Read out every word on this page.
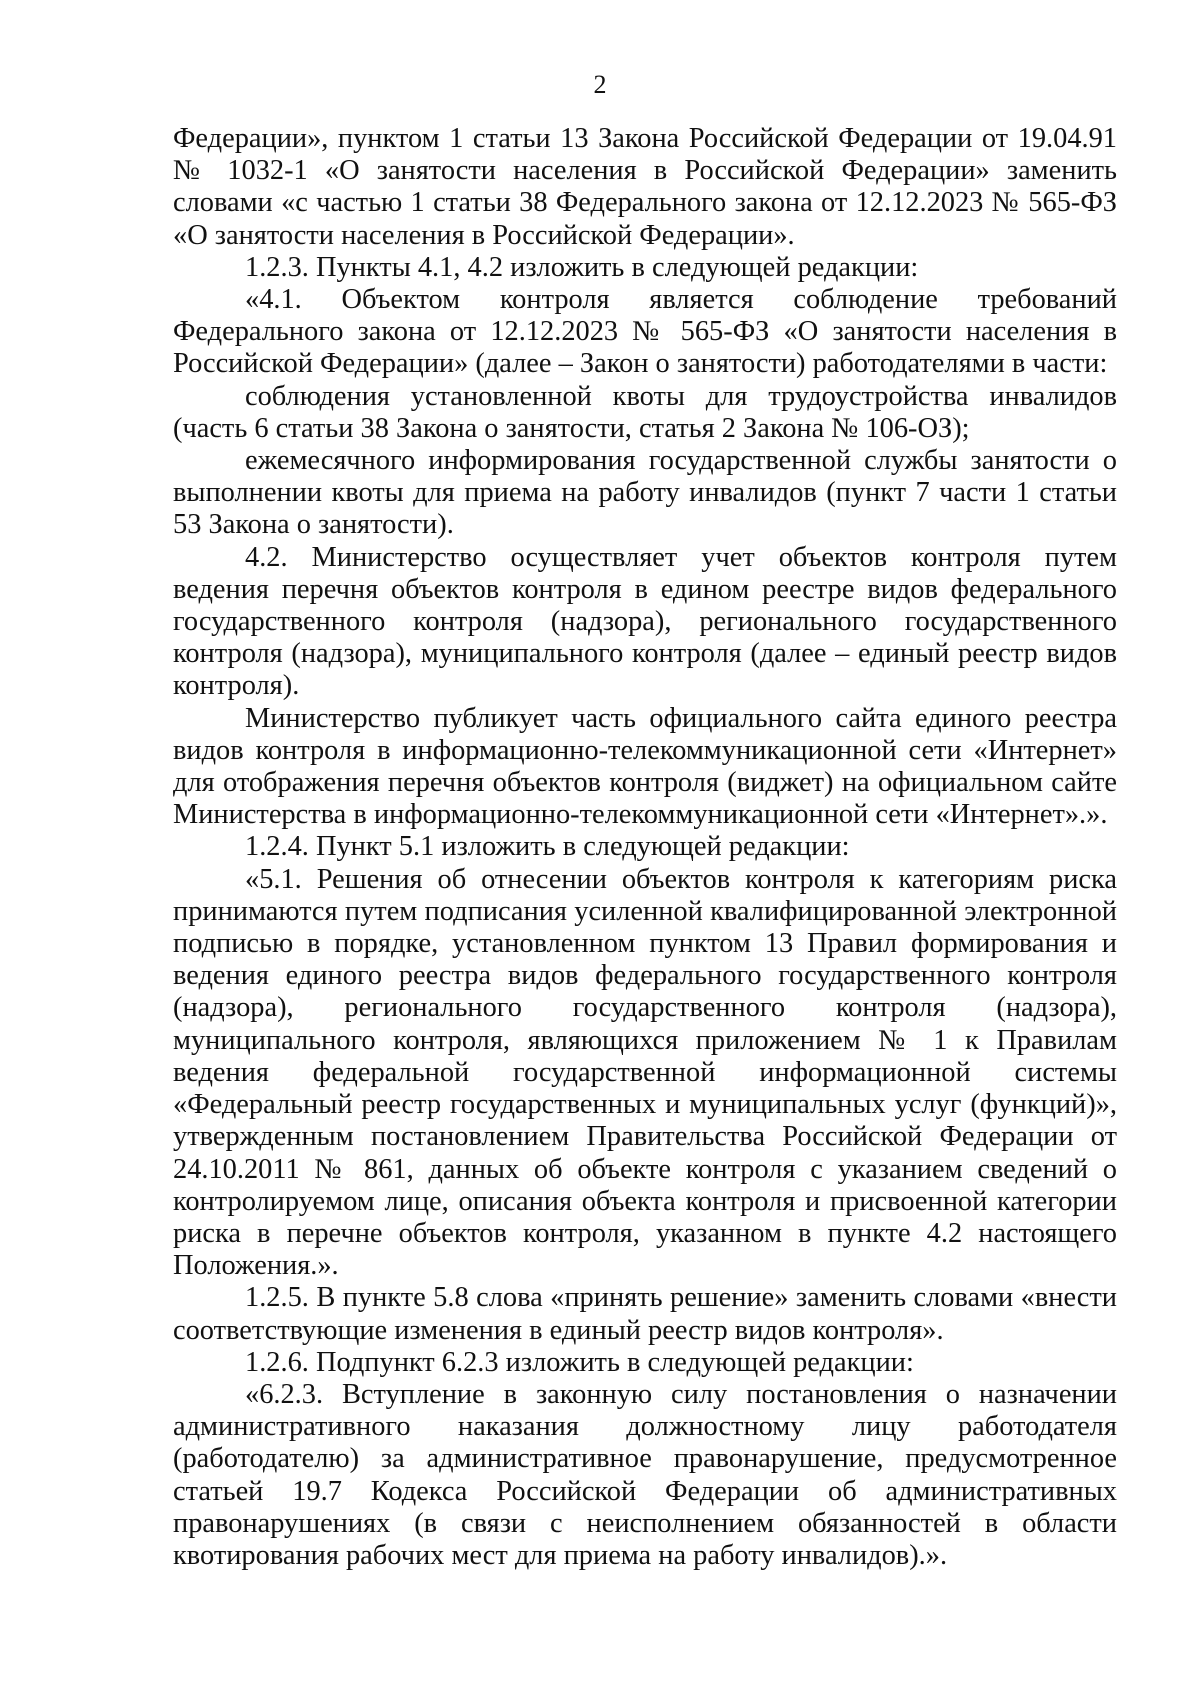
2

Федерации», пунктом 1 статьи 13 Закона Российской Федерации от 19.04.91 № 1032-1 «О занятости населения в Российской Федерации» заменить словами «с частью 1 статьи 38 Федерального закона от 12.12.2023 № 565-ФЗ «О занятости населения в Российской Федерации».

1.2.3. Пункты 4.1, 4.2 изложить в следующей редакции:

«4.1. Объектом контроля является соблюдение требований Федерального закона от 12.12.2023 № 565-ФЗ «О занятости населения в Российской Федерации» (далее – Закон о занятости) работодателями в части:

соблюдения установленной квоты для трудоустройства инвалидов (часть 6 статьи 38 Закона о занятости, статья 2 Закона № 106-ОЗ);

ежемесячного информирования государственной службы занятости о выполнении квоты для приема на работу инвалидов (пункт 7 части 1 статьи 53 Закона о занятости).

4.2. Министерство осуществляет учет объектов контроля путем ведения перечня объектов контроля в едином реестре видов федерального государственного контроля (надзора), регионального государственного контроля (надзора), муниципального контроля (далее – единый реестр видов контроля).

Министерство публикует часть официального сайта единого реестра видов контроля в информационно-телекоммуникационной сети «Интернет» для отображения перечня объектов контроля (виджет) на официальном сайте Министерства в информационно-телекоммуникационной сети «Интернет».».

1.2.4. Пункт 5.1 изложить в следующей редакции:

«5.1. Решения об отнесении объектов контроля к категориям риска принимаются путем подписания усиленной квалифицированной электронной подписью в порядке, установленном пунктом 13 Правил формирования и ведения единого реестра видов федерального государственного контроля (надзора), регионального государственного контроля (надзора), муниципального контроля, являющихся приложением № 1 к Правилам ведения федеральной государственной информационной системы «Федеральный реестр государственных и муниципальных услуг (функций)», утвержденным постановлением Правительства Российской Федерации от 24.10.2011 № 861, данных об объекте контроля с указанием сведений о контролируемом лице, описания объекта контроля и присвоенной категории риска в перечне объектов контроля, указанном в пункте 4.2 настоящего Положения.».

1.2.5. В пункте 5.8 слова «принять решение» заменить словами «внести соответствующие изменения в единый реестр видов контроля».

1.2.6. Подпункт 6.2.3 изложить в следующей редакции:

«6.2.3. Вступление в законную силу постановления о назначении административного наказания должностному лицу работодателя (работодателю) за административное правонарушение, предусмотренное статьей 19.7 Кодекса Российской Федерации об административных правонарушениях (в связи с неисполнением обязанностей в области квотирования рабочих мест для приема на работу инвалидов).».
